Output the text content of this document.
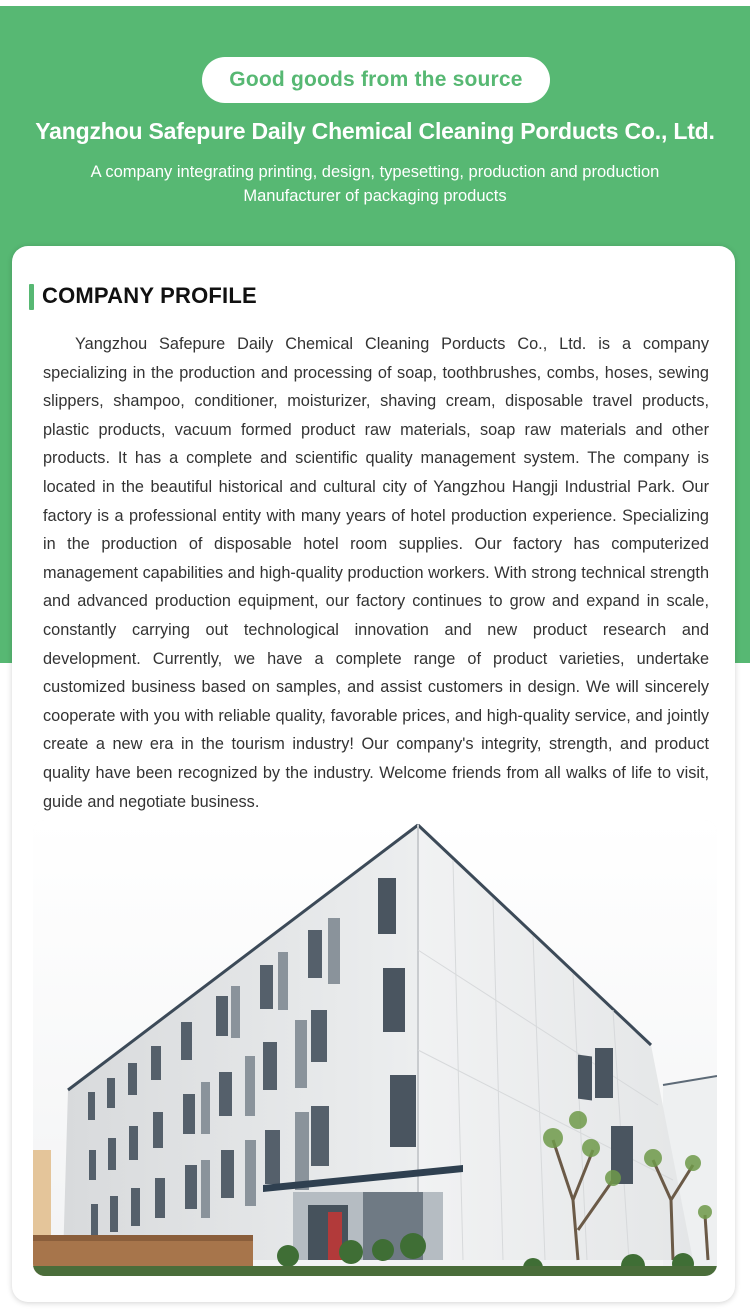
Good goods from the source
Yangzhou Safepure Daily Chemical Cleaning Porducts Co., Ltd.
A company integrating printing, design, typesetting, production and production
Manufacturer of packaging products
COMPANY PROFILE

Yangzhou Safepure Daily Chemical Cleaning Porducts Co., Ltd. is a company specializing in the production and processing of soap, toothbrushes, combs, hoses, sewing slippers, shampoo, conditioner, moisturizer, shaving cream, disposable travel products, plastic products, vacuum formed product raw materials, soap raw materials and other products. It has a complete and scientific quality management system. The company is located in the beautiful historical and cultural city of Yangzhou Hangji Industrial Park. Our factory is a professional entity with many years of hotel production experience. Specializing in the production of disposable hotel room supplies. Our factory has computerized management capabilities and high-quality production workers. With strong technical strength and advanced production equipment, our factory continues to grow and expand in scale, constantly carrying out technological innovation and new product research and development. Currently, we have a complete range of product varieties, undertake customized business based on samples, and assist customers in design. We will sincerely cooperate with you with reliable quality, favorable prices, and high-quality service, and jointly create a new era in the tourism industry! Our company's integrity, strength, and product quality have been recognized by the industry. Welcome friends from all walks of life to visit, guide and negotiate business.
